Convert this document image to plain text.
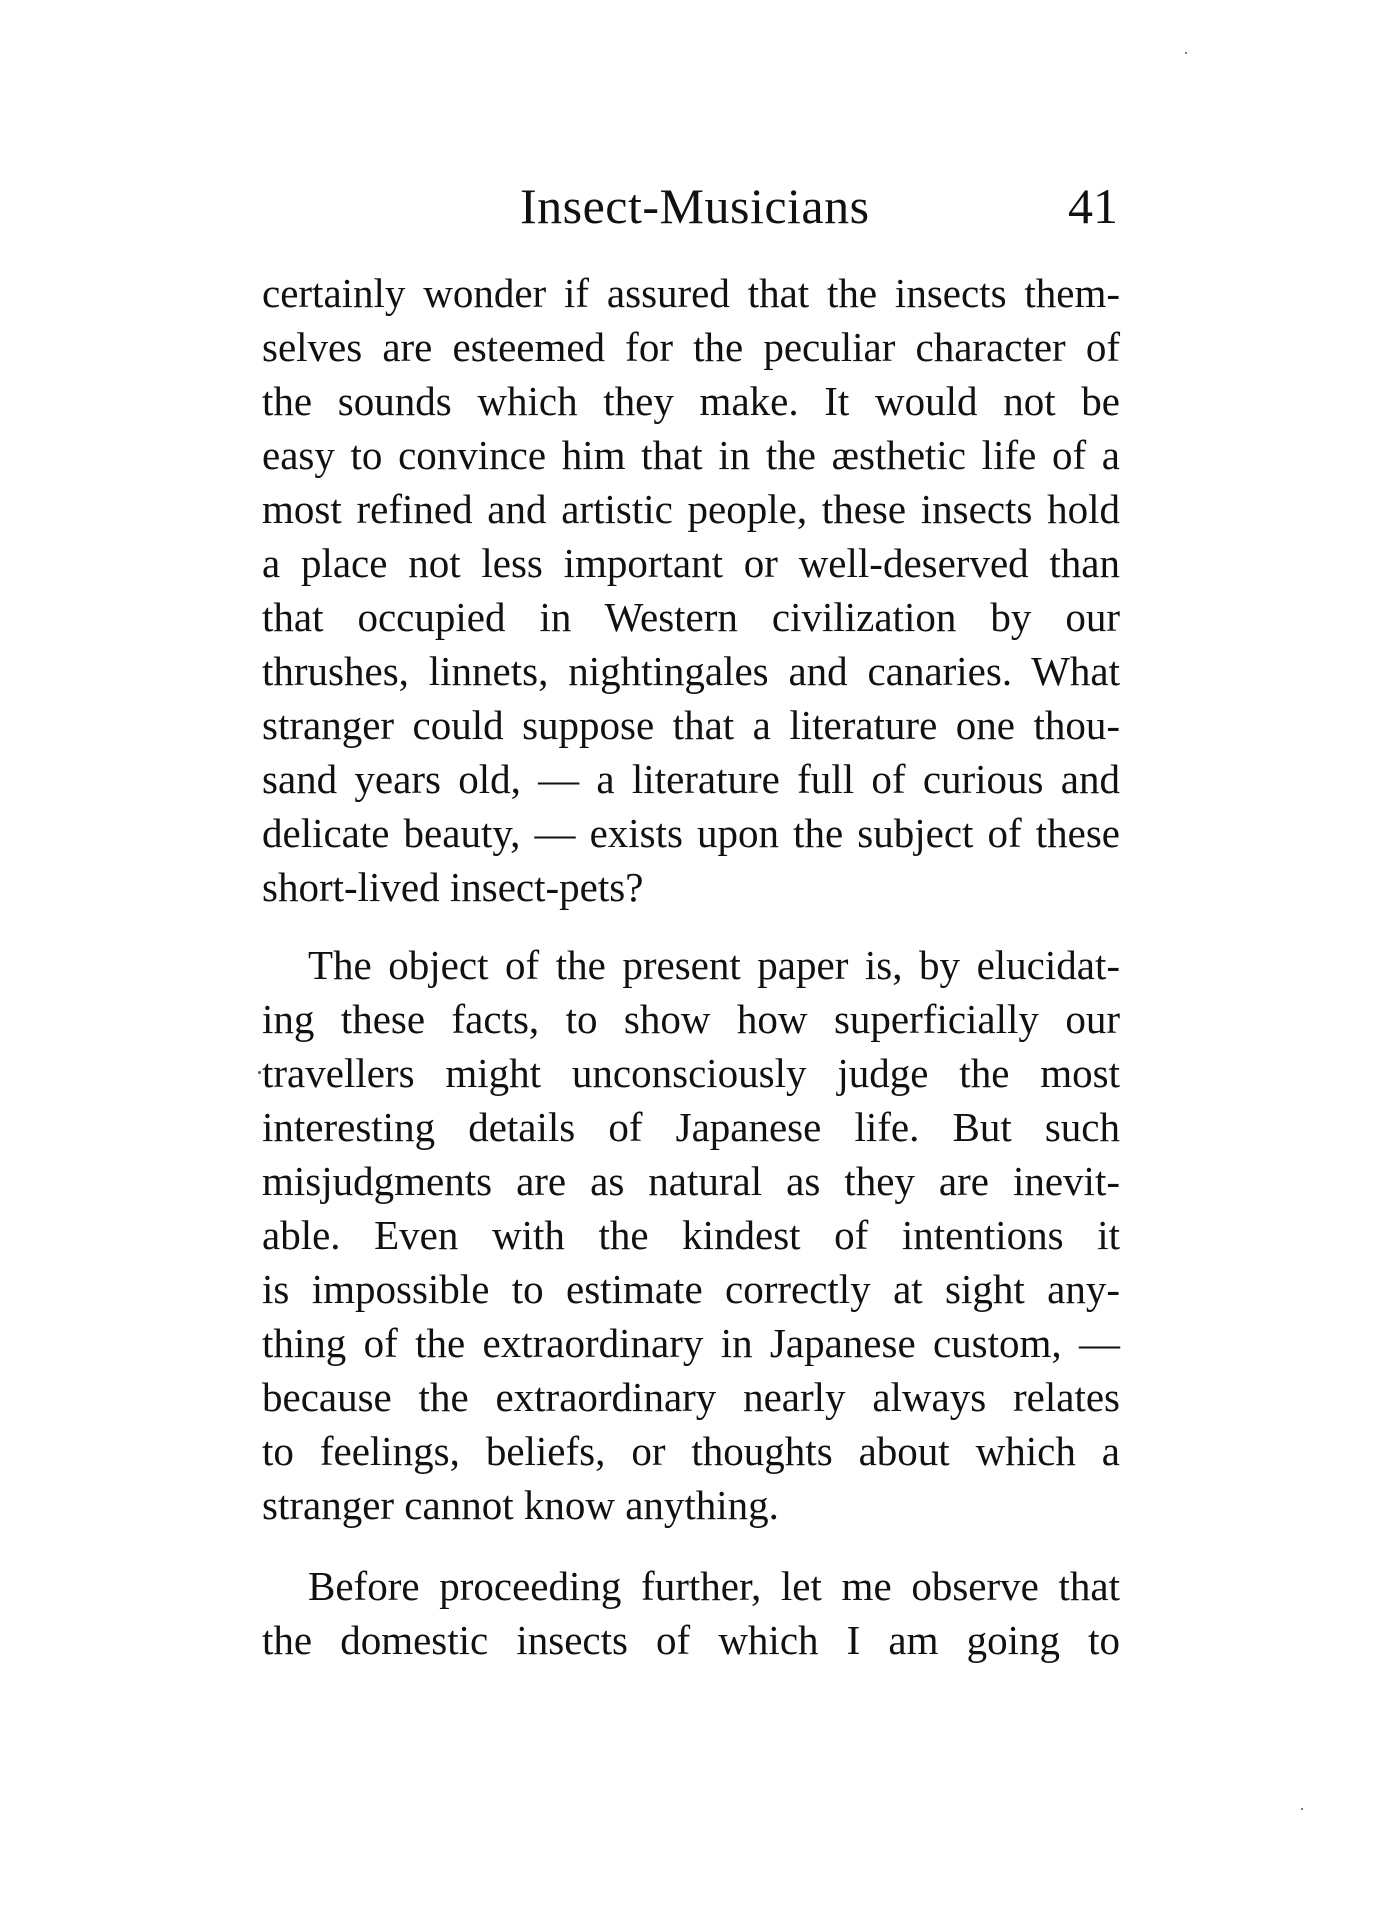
Insect-Musicians	41
certainly wonder if assured that the insects them-
selves are esteemed for the peculiar character of
the sounds which they make. It would not be
easy to convince him that in the æsthetic life of a
most refined and artistic people, these insects hold
a place not less important or well-deserved than
that occupied in Western civilization by our
thrushes, linnets, nightingales and canaries. What
stranger could suppose that a literature one thou-
sand years old, — a literature full of curious and
delicate beauty, — exists upon the subject of these
short-lived insect-pets?
The object of the present paper is, by elucidat-
ing these facts, to show how superficially our
travellers might unconsciously judge the most
interesting details of Japanese life. But such
misjudgments are as natural as they are inevit-
able. Even with the kindest of intentions it
is impossible to estimate correctly at sight any-
thing of the extraordinary in Japanese custom, —
because the extraordinary nearly always relates
to feelings, beliefs, or thoughts about which a
stranger cannot know anything.
Before proceeding further, let me observe that
the domestic insects of which I am going to
